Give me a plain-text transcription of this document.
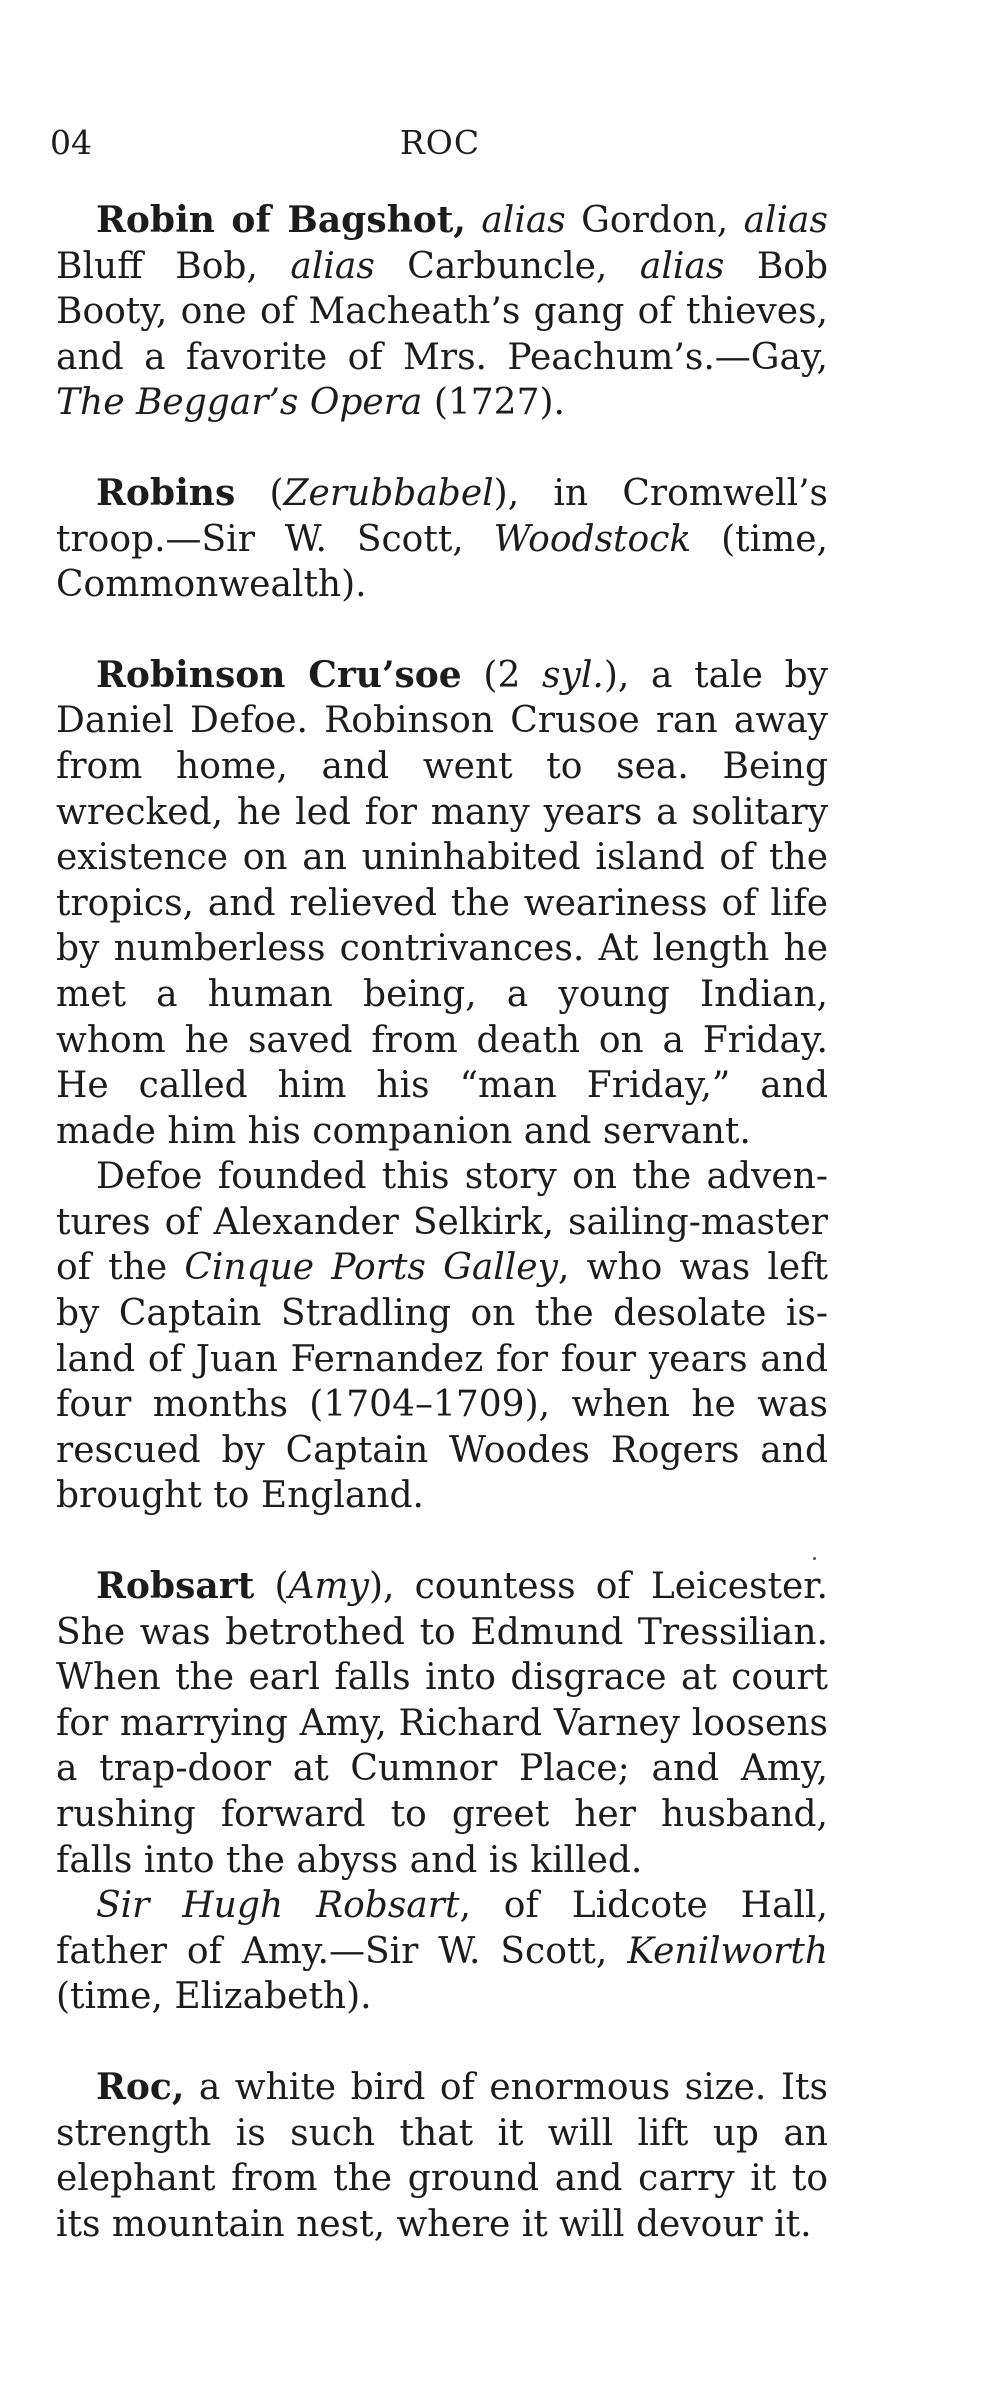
04	ROC

Robin of Bagshot, alias Gordon, alias Bluff Bob, alias Carbuncle, alias Bob Booty, one of Macheath’s gang of thieves, and a favorite of Mrs. Peachum’s.—Gay, The Beggar’s Opera (1727).

Robins (Zerubbabel), in Cromwell’s troop.—Sir W. Scott, Woodstock (time, Commonwealth).

Robinson Cru’soe (2 syl.), a tale by Daniel Defoe. Robinson Crusoe ran away from home, and went to sea. Being wrecked, he led for many years a solitary existence on an uninhabited island of the tropics, and relieved the weariness of life by numberless contrivances. At length he met a human being, a young Indian, whom he saved from death on a Friday. He called him his “man Friday,” and made him his companion and servant.

Defoe founded this story on the adventures of Alexander Selkirk, sailing-master of the Cinque Ports Galley, who was left by Captain Stradling on the desolate island of Juan Fernandez for four years and four months (1704–1709), when he was rescued by Captain Woodes Rogers and brought to England.

Robsart (Amy), countess of Leicester. She was betrothed to Edmund Tressilian. When the earl falls into disgrace at court for marrying Amy, Richard Varney loosens a trap-door at Cumnor Place; and Amy, rushing forward to greet her husband, falls into the abyss and is killed.

Sir Hugh Robsart, of Lidcote Hall, father of Amy.—Sir W. Scott, Kenilworth (time, Elizabeth).

Roc, a white bird of enormous size. Its strength is such that it will lift up an elephant from the ground and carry it to its mountain nest, where it will devour it.
